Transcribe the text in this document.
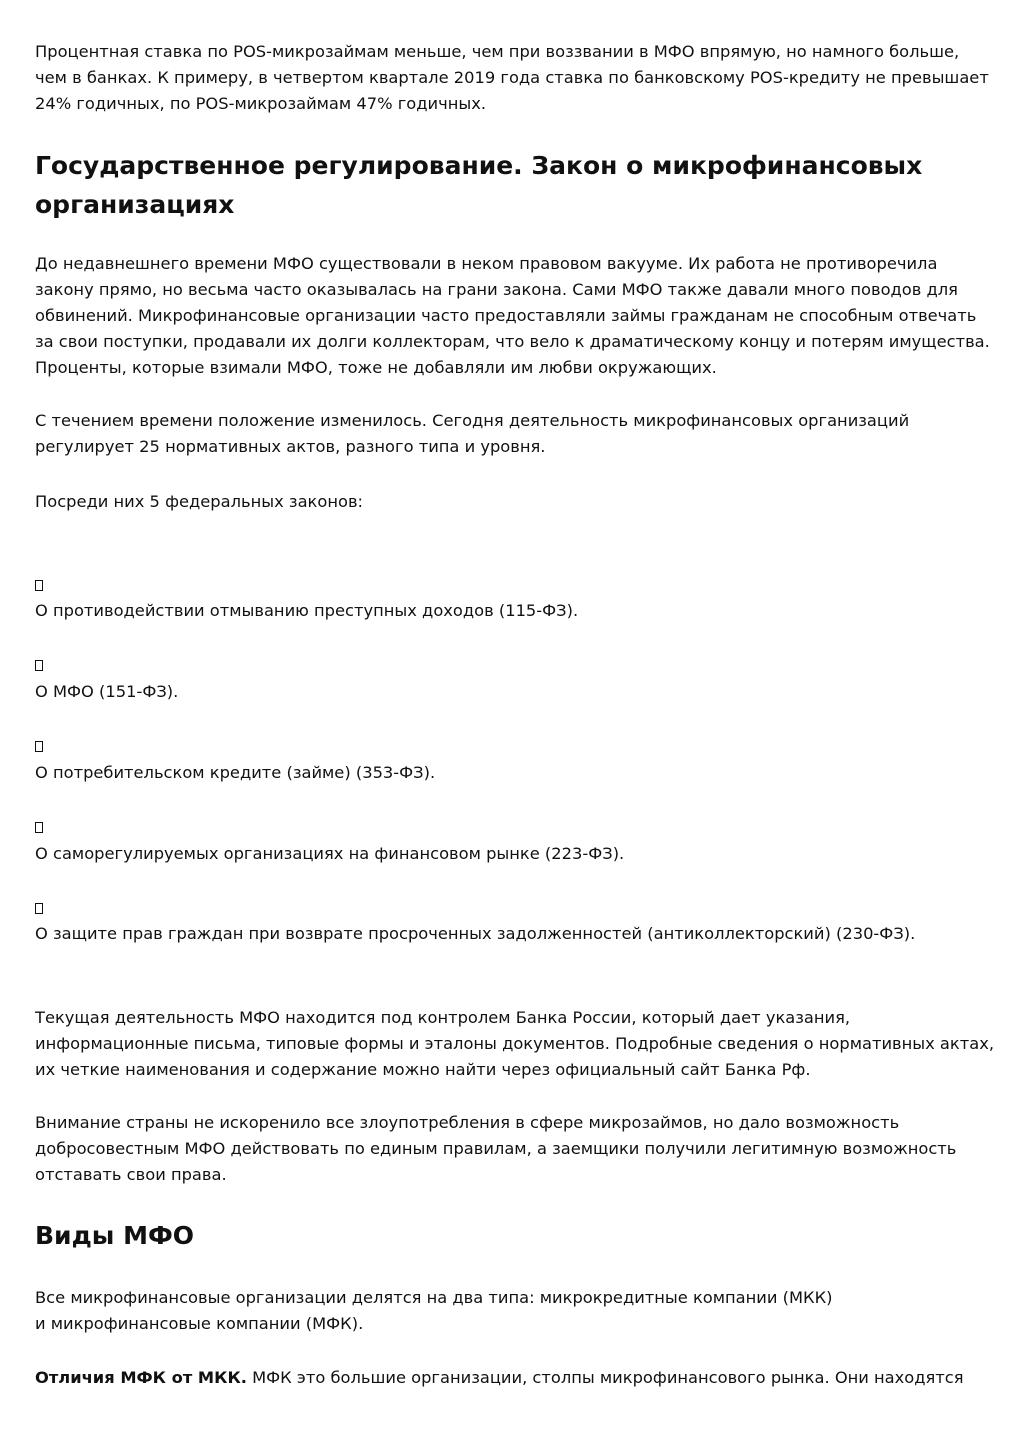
Процентная ставка по POS-микрозаймам меньше, чем при воззвании в МФО впрямую, но намного больше, чем в банках. К примеру, в четвертом квартале 2019 года ставка по банковскому POS-кредиту не превышает 24% годичных, по POS-микрозаймам 47% годичных.

Государственное регулирование. Закон о микрофинансовых организациях

До недавнешнего времени МФО существовали в неком правовом вакууме. Их работа не противоречила закону прямо, но весьма часто оказывалась на грани закона. Сами МФО также давали много поводов для обвинений. Микрофинансовые организации часто предоставляли займы гражданам не способным отвечать за свои поступки, продавали их долги коллекторам, что вело к драматическому концу и потерям имущества. Проценты, которые взимали МФО, тоже не добавляли им любви окружающих.

С течением времени положение изменилось. Сегодня деятельность микрофинансовых организаций регулирует 25 нормативных актов, разного типа и уровня.

Посреди них 5 федеральных законов:

О противодействии отмыванию преступных доходов (115-ФЗ).

О МФО (151-ФЗ).

О потребительском кредите (займе) (353-ФЗ).

О саморегулируемых организациях на финансовом рынке (223-ФЗ).

О защите прав граждан при возврате просроченных задолженностей (антиколлекторский) (230-ФЗ).

Текущая деятельность МФО находится под контролем Банка России, который дает указания, информационные письма, типовые формы и эталоны документов. Подробные сведения о нормативных актах, их четкие наименования и содержание можно найти через официальный сайт Банка Рф.

Внимание страны не искоренило все злоупотребления в сфере микрозаймов, но дало возможность добросовестным МФО действовать по единым правилам, а заемщики получили легитимную возможность отставать свои права.

Виды МФО

Все микрофинансовые организации делятся на два типа: микрокредитные компании (МКК)
и микрофинансовые компании (МФК).

Отличия МФК от МКК. МФК это большие организации, столпы микрофинансового рынка. Они находятся
